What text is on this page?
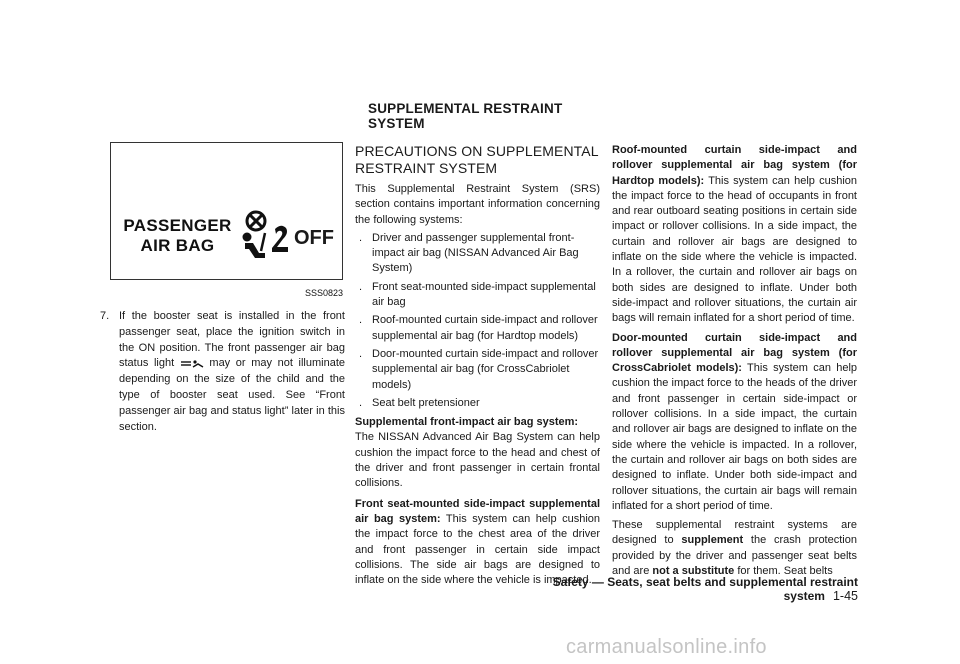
PASSENGER
AIR BAG	OFF
SSS0823
7. If the booster seat is installed in the front passenger seat, place the ignition switch in the ON position. The front passenger air bag status light	may or may not illuminate depending on the size of the child and the type of booster seat used. See “Front passenger air bag and status light” later in this section.
SUPPLEMENTAL RESTRAINT
SYSTEM
PRECAUTIONS ON SUPPLEMENTAL
RESTRAINT SYSTEM

This Supplemental Restraint System (SRS) section contains important information concerning the following systems:

. Driver and passenger supplemental front-impact air bag (NISSAN Advanced Air Bag System)
. Front seat-mounted side-impact supplemental air bag
. Roof-mounted curtain side-impact and rollover supplemental air bag (for Hardtop models)
. Door-mounted curtain side-impact and rollover supplemental air bag (for CrossCabriolet models)
. Seat belt pretensioner

Supplemental front-impact air bag system:
The NISSAN Advanced Air Bag System can help cushion the impact force to the head and chest of the driver and front passenger in certain frontal collisions.

Front seat-mounted side-impact supplemental air bag system: This system can help cushion the impact force to the chest area of the driver and front passenger in certain side impact collisions. The side air bags are designed to inflate on the side where the vehicle is impacted.

Roof-mounted curtain side-impact and rollover supplemental air bag system (for Hardtop models): This system can help cushion the impact force to the head of occupants in front and rear outboard seating positions in certain side impact or rollover collisions. In a side impact, the curtain and rollover air bags are designed to inflate on the side where the vehicle is impacted. In a rollover, the curtain and rollover air bags on both sides are designed to inflate. Under both side-impact and rollover situations, the curtain air bags will remain inflated for a short period of time.

Door-mounted curtain side-impact and rollover supplemental air bag system (for CrossCabriolet models): This system can help cushion the impact force to the heads of the driver and front passenger in certain side-impact or rollover collisions. In a side impact, the curtain and rollover air bags are designed to inflate on the side where the vehicle is impacted. In a rollover, the curtain and rollover air bags on both sides are designed to inflate. Under both side-impact and rollover situations, the curtain air bags will remain inflated for a short period of time.

These supplemental restraint systems are designed to supplement the crash protection provided by the driver and passenger seat belts and are not a substitute for them. Seat belts

Safety — Seats, seat belts and supplemental restraint system 1-45
carmanualsonline.info
